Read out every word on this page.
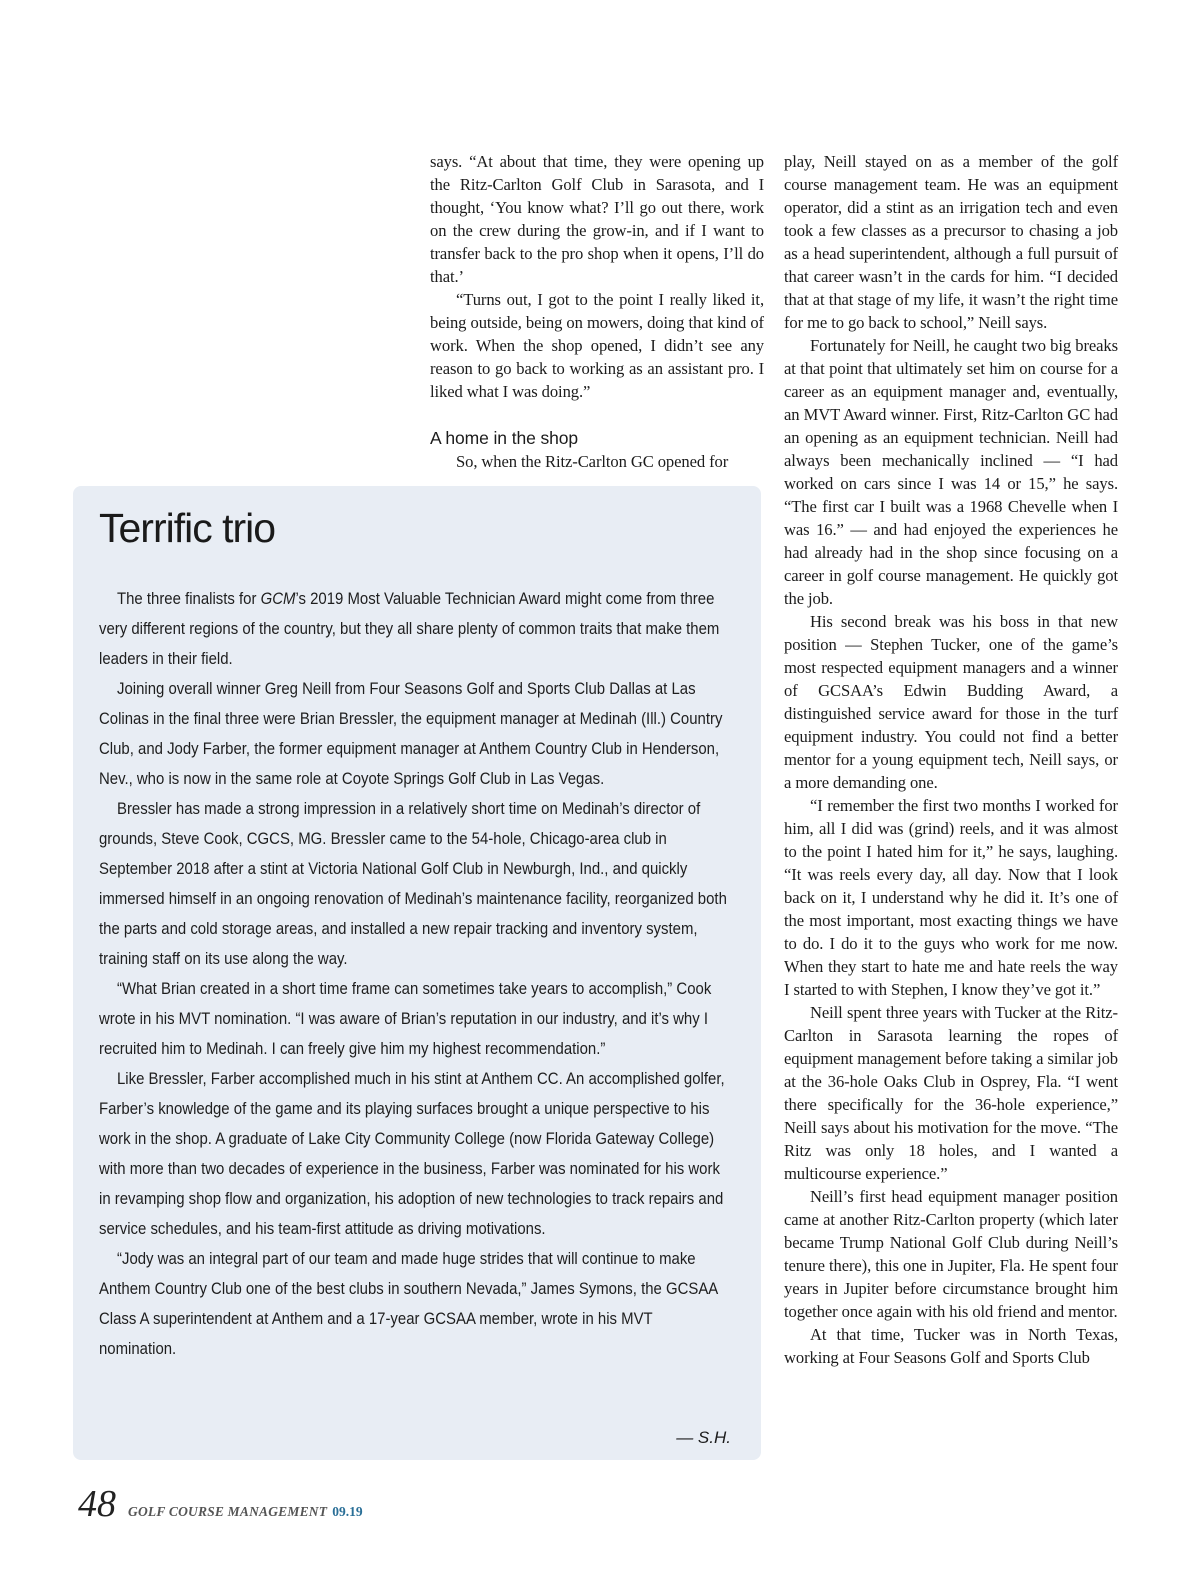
says. “At about that time, they were opening up the Ritz-Carlton Golf Club in Sarasota, and I thought, ‘You know what? I’ll go out there, work on the crew during the grow-in, and if I want to transfer back to the pro shop when it opens, I’ll do that.’

“Turns out, I got to the point I really liked it, being outside, being on mowers, doing that kind of work. When the shop opened, I didn’t see any reason to go back to working as an assistant pro. I liked what I was doing.”

A home in the shop

So, when the Ritz-Carlton GC opened for

play, Neill stayed on as a member of the golf course management team. He was an equipment operator, did a stint as an irrigation tech and even took a few classes as a precursor to chasing a job as a head superintendent, although a full pursuit of that career wasn’t in the cards for him. “I decided that at that stage of my life, it wasn’t the right time for me to go back to school,” Neill says.

Fortunately for Neill, he caught two big breaks at that point that ultimately set him on course for a career as an equipment manager and, eventually, an MVT Award winner. First, Ritz-Carlton GC had an opening as an equipment technician. Neill had always been mechanically inclined — “I had worked on cars since I was 14 or 15,” he says. “The first car I built was a 1968 Chevelle when I was 16.” — and had enjoyed the experiences he had already had in the shop since focusing on a career in golf course management. He quickly got the job.

His second break was his boss in that new position — Stephen Tucker, one of the game’s most respected equipment managers and a winner of GCSAA’s Edwin Budding Award, a distinguished service award for those in the turf equipment industry. You could not find a better mentor for a young equipment tech, Neill says, or a more demanding one.

“I remember the first two months I worked for him, all I did was (grind) reels, and it was almost to the point I hated him for it,” he says, laughing. “It was reels every day, all day. Now that I look back on it, I understand why he did it. It’s one of the most important, most exacting things we have to do. I do it to the guys who work for me now. When they start to hate me and hate reels the way I started to with Stephen, I know they’ve got it.”

Neill spent three years with Tucker at the Ritz-Carlton in Sarasota learning the ropes of equipment management before taking a similar job at the 36-hole Oaks Club in Osprey, Fla. “I went there specifically for the 36-hole experience,” Neill says about his motivation for the move. “The Ritz was only 18 holes, and I wanted a multicourse experience.”

Neill’s first head equipment manager position came at another Ritz-Carlton property (which later became Trump National Golf Club during Neill’s tenure there), this one in Jupiter, Fla. He spent four years in Jupiter before circumstance brought him together once again with his old friend and mentor.

At that time, Tucker was in North Texas, working at Four Seasons Golf and Sports Club

Terrific trio

The three finalists for GCM’s 2019 Most Valuable Technician Award might come from three very different regions of the country, but they all share plenty of common traits that make them leaders in their field.

Joining overall winner Greg Neill from Four Seasons Golf and Sports Club Dallas at Las Colinas in the final three were Brian Bressler, the equipment manager at Medinah (Ill.) Country Club, and Jody Farber, the former equipment manager at Anthem Country Club in Henderson, Nev., who is now in the same role at Coyote Springs Golf Club in Las Vegas.

Bressler has made a strong impression in a relatively short time on Medinah’s director of grounds, Steve Cook, CGCS, MG. Bressler came to the 54-hole, Chicago-area club in September 2018 after a stint at Victoria National Golf Club in Newburgh, Ind., and quickly immersed himself in an ongoing renovation of Medinah’s maintenance facility, reorganized both the parts and cold storage areas, and installed a new repair tracking and inventory system, training staff on its use along the way.

“What Brian created in a short time frame can sometimes take years to accomplish,” Cook wrote in his MVT nomination. “I was aware of Brian’s reputation in our industry, and it’s why I recruited him to Medinah. I can freely give him my highest recommendation.”

Like Bressler, Farber accomplished much in his stint at Anthem CC. An accomplished golfer, Farber’s knowledge of the game and its playing surfaces brought a unique perspective to his work in the shop. A graduate of Lake City Community College (now Florida Gateway College) with more than two decades of experience in the business, Farber was nominated for his work in revamping shop flow and organization, his adoption of new technologies to track repairs and service schedules, and his team-first attitude as driving motivations.

“Jody was an integral part of our team and made huge strides that will continue to make Anthem Country Club one of the best clubs in southern Nevada,” James Symons, the GCSAA Class A superintendent at Anthem and a 17-year GCSAA member, wrote in his MVT nomination.

— S.H.
48 GOLF COURSE MANAGEMENT 09.19
